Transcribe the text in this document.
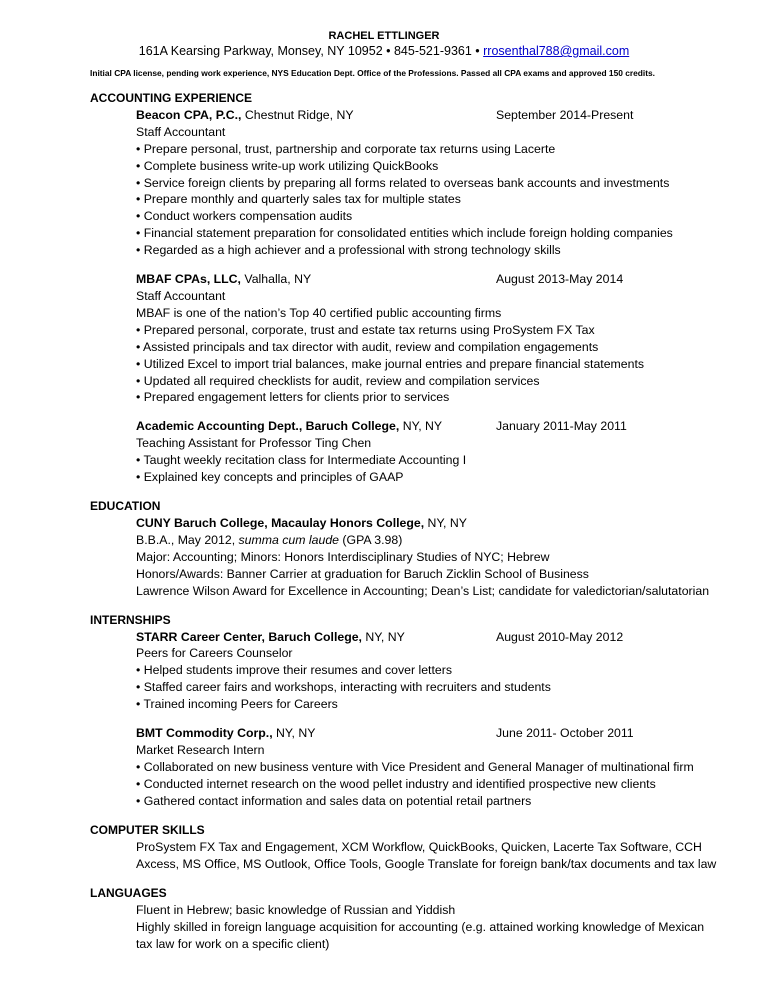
RACHEL ETTLINGER
161A Kearsing Parkway, Monsey, NY 10952 • 845-521-9361 • rrosenthal788@gmail.com
Initial CPA license, pending work experience, NYS Education Dept. Office of the Professions. Passed all CPA exams and approved 150 credits.
ACCOUNTING EXPERIENCE
Beacon CPA, P.C., Chestnut Ridge, NY	September 2014-Present
Staff Accountant
• Prepare personal, trust, partnership and corporate tax returns using Lacerte
• Complete business write-up work utilizing QuickBooks
• Service foreign clients by preparing all forms related to overseas bank accounts and investments
• Prepare monthly and quarterly sales tax for multiple states
• Conduct workers compensation audits
• Financial statement preparation for consolidated entities which include foreign holding companies
• Regarded as a high achiever and a professional with strong technology skills
MBAF CPAs, LLC, Valhalla, NY	August 2013-May 2014
Staff Accountant
MBAF is one of the nation’s Top 40 certified public accounting firms
• Prepared personal, corporate, trust and estate tax returns using ProSystem FX Tax
• Assisted principals and tax director with audit, review and compilation engagements
• Utilized Excel to import trial balances, make journal entries and prepare financial statements
• Updated all required checklists for audit, review and compilation services
• Prepared engagement letters for clients prior to services
Academic Accounting Dept., Baruch College, NY, NY	January 2011-May 2011
Teaching Assistant for Professor Ting Chen
• Taught weekly recitation class for Intermediate Accounting I
• Explained key concepts and principles of GAAP
EDUCATION
CUNY Baruch College, Macaulay Honors College, NY, NY
B.B.A., May 2012, summa cum laude (GPA 3.98)
Major: Accounting; Minors: Honors Interdisciplinary Studies of NYC; Hebrew
Honors/Awards: Banner Carrier at graduation for Baruch Zicklin School of Business
Lawrence Wilson Award for Excellence in Accounting; Dean’s List; candidate for valedictorian/salutatorian
INTERNSHIPS
STARR Career Center, Baruch College, NY, NY	August 2010-May 2012
Peers for Careers Counselor
• Helped students improve their resumes and cover letters
• Staffed career fairs and workshops, interacting with recruiters and students
• Trained incoming Peers for Careers
BMT Commodity Corp., NY, NY	June 2011- October 2011
Market Research Intern
• Collaborated on new business venture with Vice President and General Manager of multinational firm
• Conducted internet research on the wood pellet industry and identified prospective new clients
• Gathered contact information and sales data on potential retail partners
COMPUTER SKILLS
ProSystem FX Tax and Engagement, XCM Workflow, QuickBooks, Quicken, Lacerte Tax Software, CCH
Axcess, MS Office, MS Outlook, Office Tools, Google Translate for foreign bank/tax documents and tax law
LANGUAGES
Fluent in Hebrew; basic knowledge of Russian and Yiddish
Highly skilled in foreign language acquisition for accounting (e.g. attained working knowledge of Mexican
tax law for work on a specific client)
